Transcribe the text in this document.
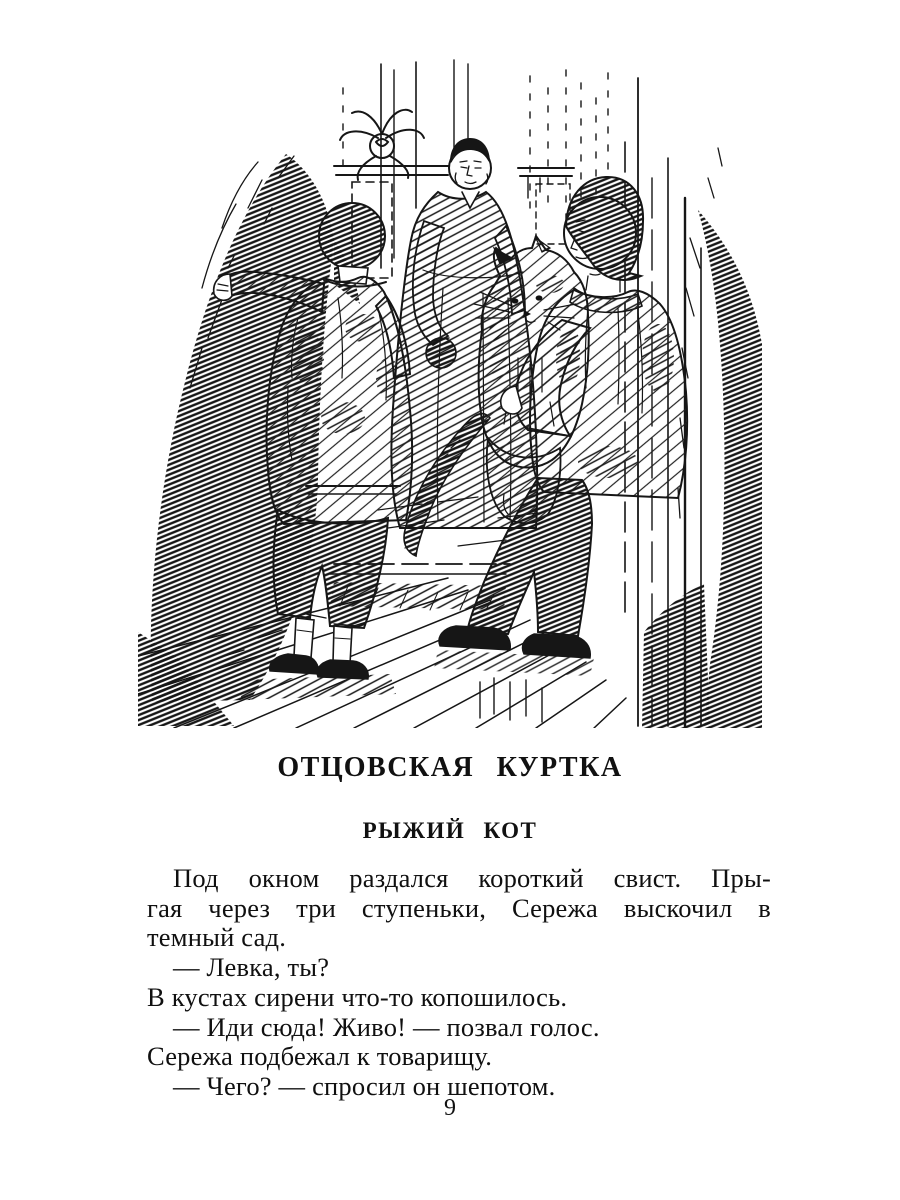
ОТЦОВСКАЯ КУРТКА
РЫЖИЙ КОТ
Под окном раздался короткий свист. Пры-
гая через три ступеньки, Сережа выскочил в
темный сад.
— Левка, ты?
В кустах сирени что-то копошилось.
— Иди сюда! Живо! — позвал голос.
Сережа подбежал к товарищу.
— Чего? — спросил он шепотом.
9
